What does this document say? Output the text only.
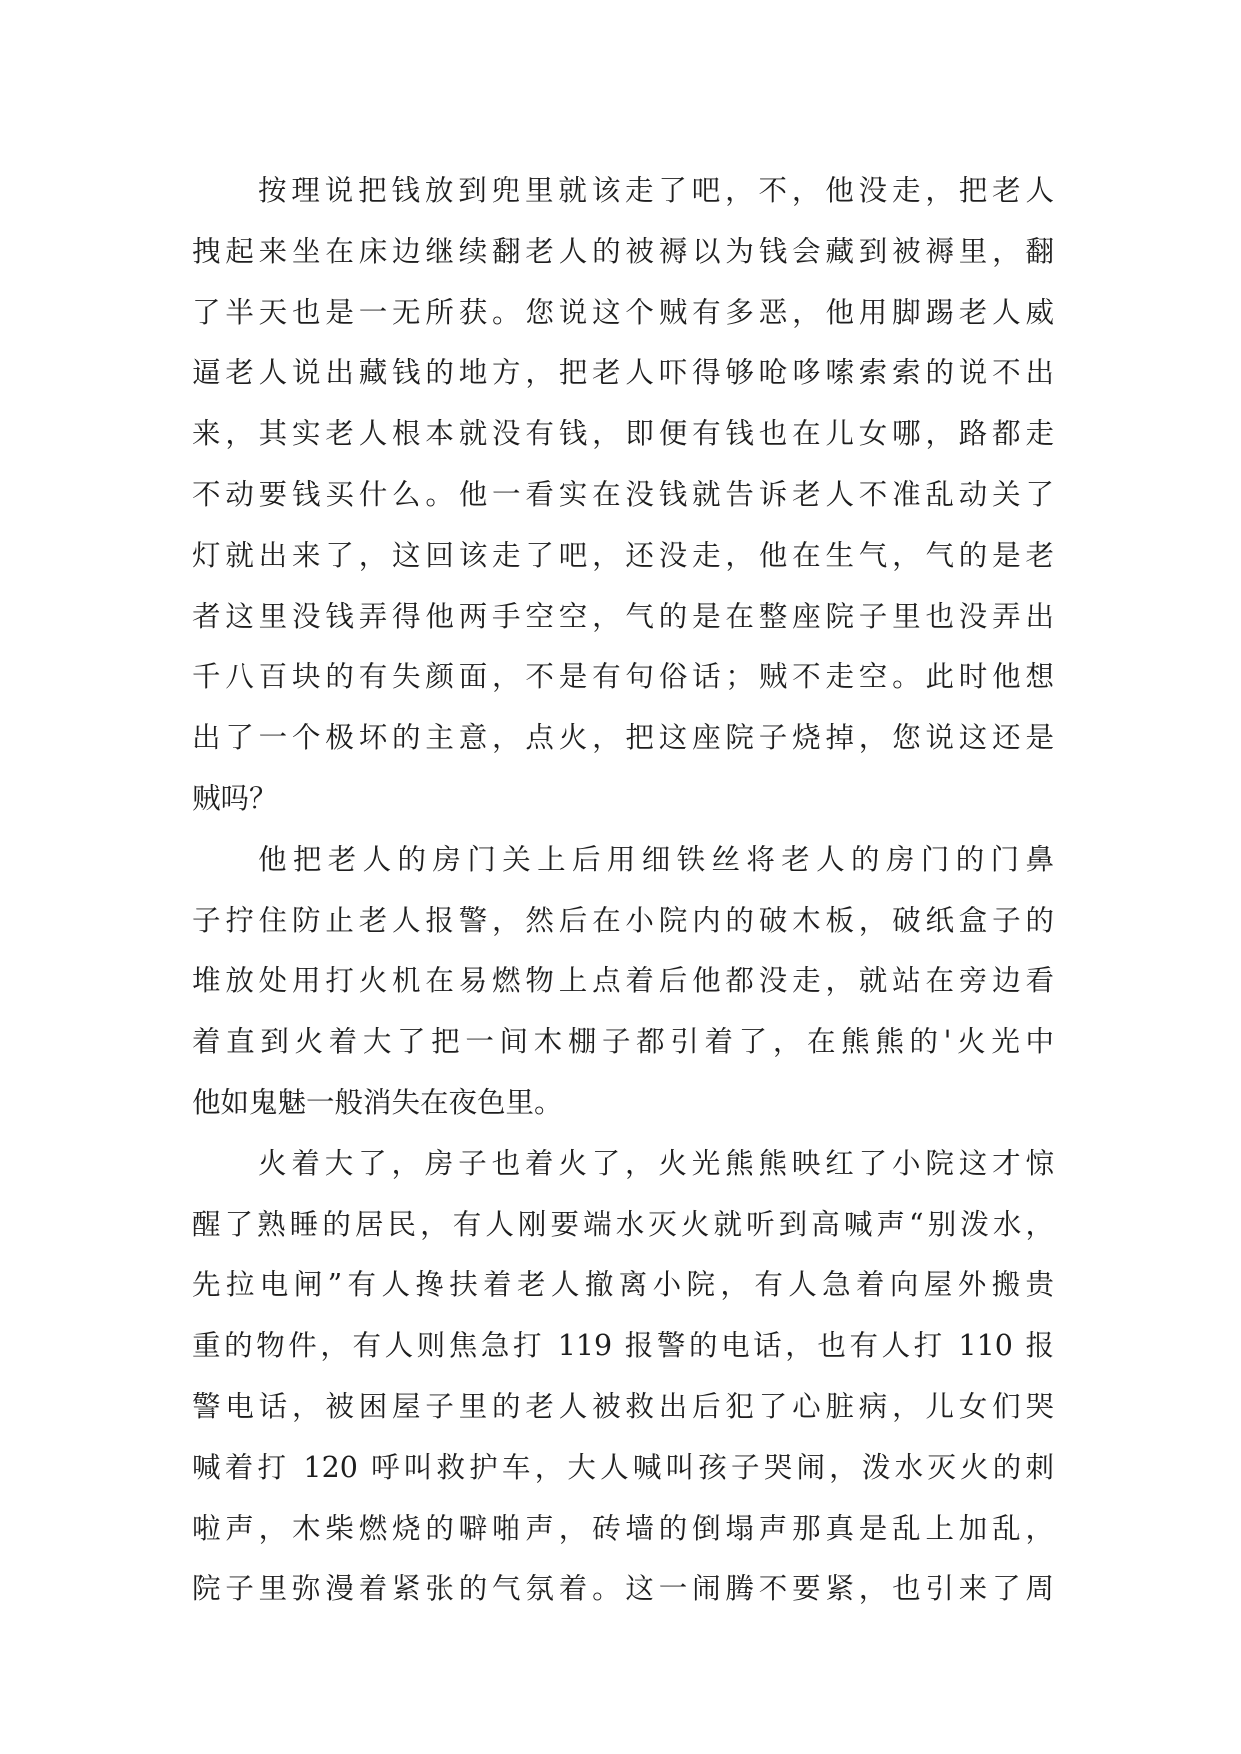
按理说把钱放到兜里就该走了吧，不，他没走，把老人
拽起来坐在床边继续翻老人的被褥以为钱会藏到被褥里，翻
了半天也是一无所获。您说这个贼有多恶，他用脚踢老人威
逼老人说出藏钱的地方，把老人吓得够呛哆嗦索索的说不出
来，其实老人根本就没有钱，即便有钱也在儿女哪，路都走
不动要钱买什么。他一看实在没钱就告诉老人不准乱动关了
灯就出来了，这回该走了吧，还没走，他在生气，气的是老
者这里没钱弄得他两手空空，气的是在整座院子里也没弄出
千八百块的有失颜面，不是有句俗话；贼不走空。此时他想
出了一个极坏的主意，点火，把这座院子烧掉，您说这还是
贼吗？
他把老人的房门关上后用细铁丝将老人的房门的门鼻
子拧住防止老人报警，然后在小院内的破木板，破纸盒子的
堆放处用打火机在易燃物上点着后他都没走，就站在旁边看
着直到火着大了把一间木棚子都引着了，在熊熊的'火光中
他如鬼魅一般消失在夜色里。
火着大了，房子也着火了，火光熊熊映红了小院这才惊
醒了熟睡的居民，有人刚要端水灭火就听到高喊声“别泼水，
先拉电闸”有人搀扶着老人撤离小院，有人急着向屋外搬贵
重的物件，有人则焦急打 119 报警的电话，也有人打 110 报
警电话，被困屋子里的老人被救出后犯了心脏病，儿女们哭
喊着打 120 呼叫救护车，大人喊叫孩子哭闹，泼水灭火的刺
啦声，木柴燃烧的噼啪声，砖墙的倒塌声那真是乱上加乱，
院子里弥漫着紧张的气氛着。这一闹腾不要紧，也引来了周
